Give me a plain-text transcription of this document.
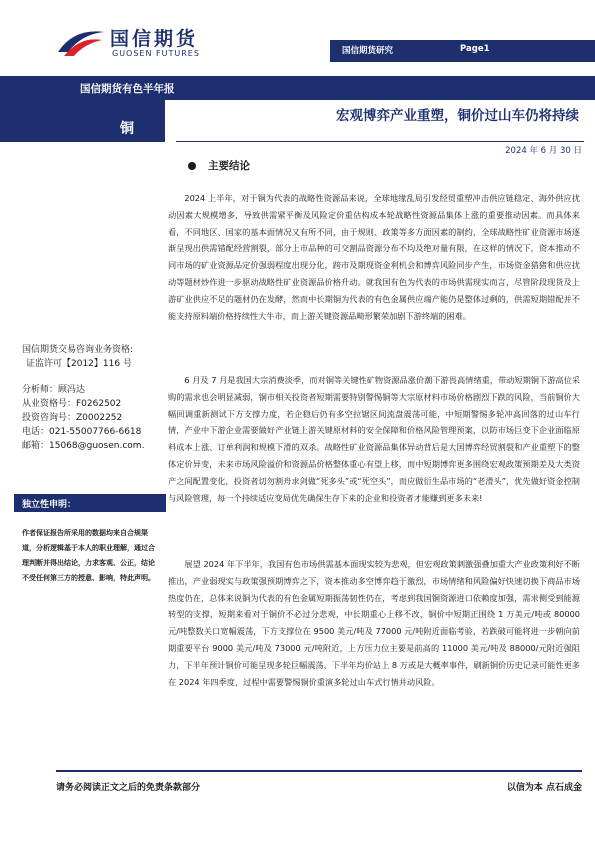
国信期货
GUOSEN FUTURES	国信期货研究	Page1
国信期货有色半年报
铜
国信期货交易咨询业务资格:
证监许可【2012】116 号
分析师：顾冯达
从业资格号：F0262502
投资咨询号：Z0002252
电话：021-55007766-6618
邮箱：15068@guosen.com.
独立性申明：
作者保证报告所采用的数据均来自合规渠道，分析逻辑基于本人的职业理解，通过合理判断并得出结论，力求客观、公正，结论不受任何第三方的授意、影响，特此声明。
宏观博弈产业重塑，铜价过山车仍将持续
2024 年 6 月 30 日
主要结论
2024 上半年，对于铜为代表的战略性资源品来说，全球地缘乱局引发经贸重塑冲击供应链稳定、海外供应扰动因素大规模增多，导致供需紧平衡及风险定价重估构成本轮战略性资源品集体上涨的重要推动因素。而具体来看，不同地区、国家的基本面情况又有所不同，由于规则、政策等多方面因素的制约，全球战略性矿业资源市场逐渐呈现出供需错配经营割裂，部分上市品种的可交割品资源分布不均及绝对量有限，在这样的情况下，资本推动不同市场的矿业资源品定价强弱程度出现分化，跨市及期现资金利机会和博弈风险同步产生，市场资金猎猪和供应扰动等题材炒作进一步驱动战略性矿业资源品价格升动。就我国有色为代表的市场供需现实而言，尽管阶段现货及上游矿业供应不足的题材仍在发酵，然而中长期铜为代表的有色金属供应端产能仍是整体过剩的，供需短期错配并不能支持原料端价格持续性大牛市，而上游关键资源品畸形繁荣加剧下游终端的困难。
6 月及 7 月是我国大宗消费淡季，而对铜等关键性矿物资源品涨价潮下游畏高情绪重，带动短期铜下游高位采购的需求也会明显减弱，铜市相关投资者短期需要特别警惕铜等大宗原材料市场价格剧烈下跌的风险，当前铜价大幅回调重新测试下方支撑力度，若企稳后仍有多空拉锯区间流盘震荡可能，中短期警惕多轮冲高回落的过山车行情，产业中下游企业需要做好产业链上游关键原材料的安全保障和价格风险管理预案，以防市场巨变下企业面临原料成本上涨、订单利润和规模下滑的双杀。战略性矿业资源品集体异动背后是大国博弈经贸割裂和产业重塑下的整体定价异变，未来市场风险溢价和资源品价格整体重心有望上移，而中短期博弈更多围绕宏观政策预期差及大类资产之间配置变化，投资者切勿割舟求剑做“死多头”或“死空头”，而应做衍生品市场的“老滑头”，优先做好资金控制与风险管理，每一个持续适应变局优先确保生存下来的企业和投资者才能赚到更多未来!
展望 2024 年下半年，我国有色市场供需基本面现实较为悲观，但宏观政策刺激强叠加重大产业政策利好不断推出，产业弱现实与政策强预期博弈之下，资本推动多空博弈趋于激烈，市场情绪和风险偏好快速切换下商品市场热度仍在，总体来说铜为代表的有色金属短期振荡韧性仍在，考虑到我国铜资源进口依赖度加强，需求侧受到能源转型的支撑，短期来看对于铜价不必过分悲观，中长期重心上移不改，铜价中短期正围绕 1 万美元/吨或 80000 元/吨整数关口宽幅震荡，下方支撑位在 9500 美元/吨及 77000 元/吨附近面临考验，若跌破可能将进一步朝向前期重要平台 9000 美元/吨及 73000 元/吨附近，上方压力位主要是前高的 11000 美元/吨及 88000/元附近强阻力，下半年预计铜价可能呈现多轮巨幅震荡，下半年均价站上 8 万或是大概率事件，刷新铜价历史记录可能性更多在 2024 年四季度，过程中需要警惕铜价重演多轮过山车式行情并动风险。
请务必阅读正文之后的免责条款部分	以信为本 点石成金
